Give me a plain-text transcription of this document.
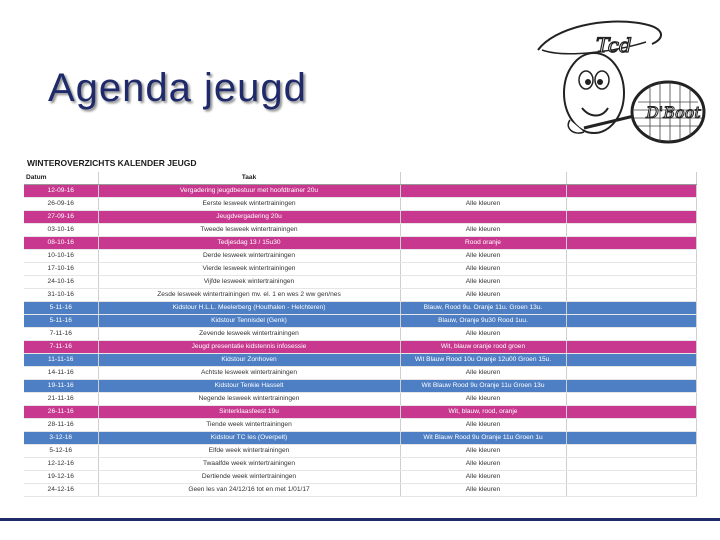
Agenda jeugd
Tcd
D'Boot
WINTEROVERZICHTS KALENDER JEUGD
Datum	Taak		
12-09-16	Vergadering jeugdbestuur met hoofdtrainer 20u		
26-09-16	Eerste lesweek wintertrainingen	Alle kleuren	
27-09-16	Jeugdvergadering 20u		
03-10-16	Tweede lesweek wintertrainingen	Alle kleuren	
08-10-16	Tedjesdag 13 / 15u30	Rood oranje	
10-10-16	Derde lesweek wintertrainingen	Alle kleuren	
17-10-16	Vierde lesweek wintertrainingen	Alle kleuren	
24-10-16	Vijfde lesweek wintertrainingen	Alle kleuren	
31-10-16	Zesde lesweek wintertrainingen mv. el. 1 en wes 2 ww gen/nes	Alle kleuren	
5-11-16	Kidstour H.L.L. Meelerberg (Houthalen - Helchteren)	Blauw, Rood 9u. Oranje 11u. Groen 13u.	
5-11-16	Kidstour Tennisdel (Genk)	Blauw, Oranje 9u30 Rood 1uu.	
7-11-16	Zevende lesweek wintertrainingen	Alle kleuren	
7-11-16	Jeugd presentatie kidstennis infosessie	Wit, blauw oranje rood groen	
11-11-16	Kidstour Zonhoven	Wit Blauw Rood 10u Oranje 12u00 Groen 15u.	
14-11-16	Achtste lesweek wintertrainingen	Alle kleuren	
19-11-16	Kidstour Tenkie Hasselt	Wit Blauw Rood 9u Oranje 11u Groen 13u	
21-11-16	Negende lesweek wintertrainingen	Alle kleuren	
26-11-16	Sinterklaasfeest 19u	Wit, blauw, rood, oranje	
28-11-16	Tiende week wintertrainingen	Alle kleuren	
3-12-16	Kidstour TC Ies (Overpelt)	Wit Blauw Rood 9u Oranje 11u Groen 1u	
5-12-16	Elfde week wintertrainingen	Alle kleuren	
12-12-16	Twaalfde week wintertrainingen	Alle kleuren	
19-12-16	Dertiende week wintertrainingen	Alle kleuren	
24-12-16	Geen les van 24/12/16 tot en met 1/01/17	Alle kleuren	
